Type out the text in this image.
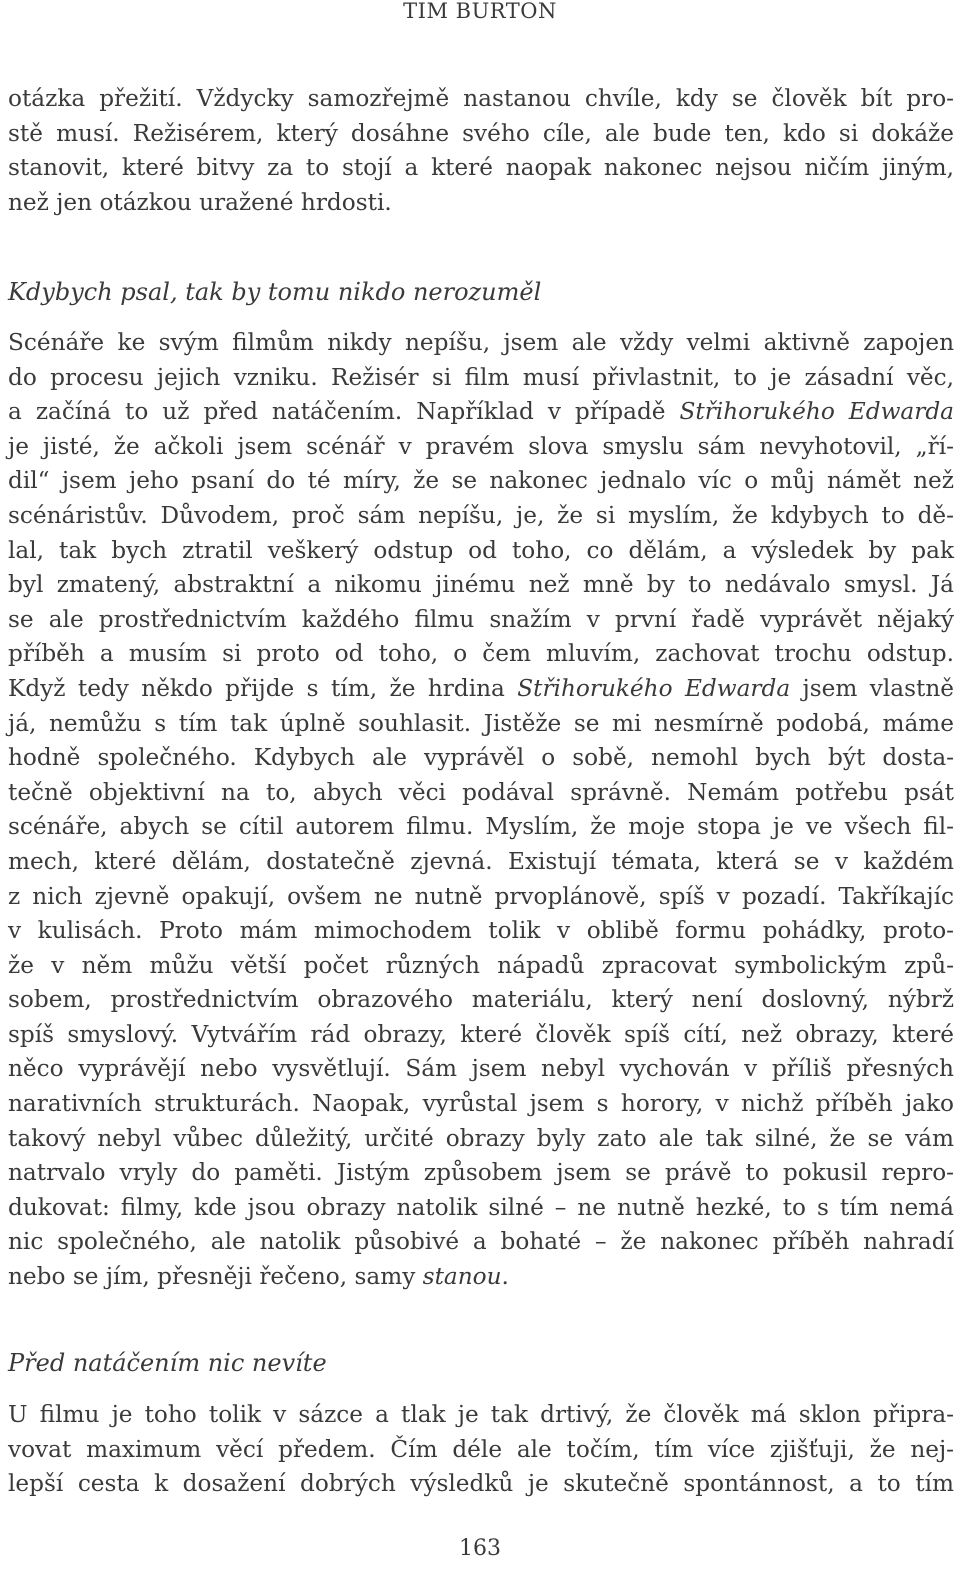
TIM BURTON
otázka přežití. Vždycky samozřejmě nastanou chvíle, kdy se člověk bít pro-
stě musí. Režisérem, který dosáhne svého cíle, ale bude ten, kdo si dokáže
stanovit, které bitvy za to stojí a které naopak nakonec nejsou ničím jiným,
než jen otázkou uražené hrdosti.
Kdybych psal, tak by tomu nikdo nerozuměl
Scénáře ke svým filmům nikdy nepíšu, jsem ale vždy velmi aktivně zapojen
do procesu jejich vzniku. Režisér si film musí přivlastnit, to je zásadní věc,
a začíná to už před natáčením. Například v případě Střihorukého Edwarda
je jisté, že ačkoli jsem scénář v pravém slova smyslu sám nevyhotovil, „ří-
dil“ jsem jeho psaní do té míry, že se nakonec jednalo víc o můj námět než
scénáristův. Důvodem, proč sám nepíšu, je, že si myslím, že kdybych to dě-
lal, tak bych ztratil veškerý odstup od toho, co dělám, a výsledek by pak
byl zmatený, abstraktní a nikomu jinému než mně by to nedávalo smysl. Já
se ale prostřednictvím každého filmu snažím v první řadě vyprávět nějaký
příběh a musím si proto od toho, o čem mluvím, zachovat trochu odstup.
Když tedy někdo přijde s tím, že hrdina Střihorukého Edwarda jsem vlastně
já, nemůžu s tím tak úplně souhlasit. Jistěže se mi nesmírně podobá, máme
hodně společného. Kdybych ale vyprávěl o sobě, nemohl bych být dosta-
tečně objektivní na to, abych věci podával správně. Nemám potřebu psát
scénáře, abych se cítil autorem filmu. Myslím, že moje stopa je ve všech fil-
mech, které dělám, dostatečně zjevná. Existují témata, která se v každém
z nich zjevně opakují, ovšem ne nutně prvoplánově, spíš v pozadí. Takříkajíc
v kulisách. Proto mám mimochodem tolik v oblibě formu pohádky, proto-
že v něm můžu větší počet různých nápadů zpracovat symbolickým způ-
sobem, prostřednictvím obrazového materiálu, který není doslovný, nýbrž
spíš smyslový. Vytvářím rád obrazy, které člověk spíš cítí, než obrazy, které
něco vyprávějí nebo vysvětlují. Sám jsem nebyl vychován v příliš přesných
narativních strukturách. Naopak, vyrůstal jsem s horory, v nichž příběh jako
takový nebyl vůbec důležitý, určité obrazy byly zato ale tak silné, že se vám
natrvalo vryly do paměti. Jistým způsobem jsem se právě to pokusil repro-
dukovat: filmy, kde jsou obrazy natolik silné – ne nutně hezké, to s tím nemá
nic společného, ale natolik působivé a bohaté – že nakonec příběh nahradí
nebo se jím, přesněji řečeno, samy stanou.
Před natáčením nic nevíte
U filmu je toho tolik v sázce a tlak je tak drtivý, že člověk má sklon připra-
vovat maximum věcí předem. Čím déle ale točím, tím více zjišťuji, že nej-
lepší cesta k dosažení dobrých výsledků je skutečně spontánnost, a to tím
163
